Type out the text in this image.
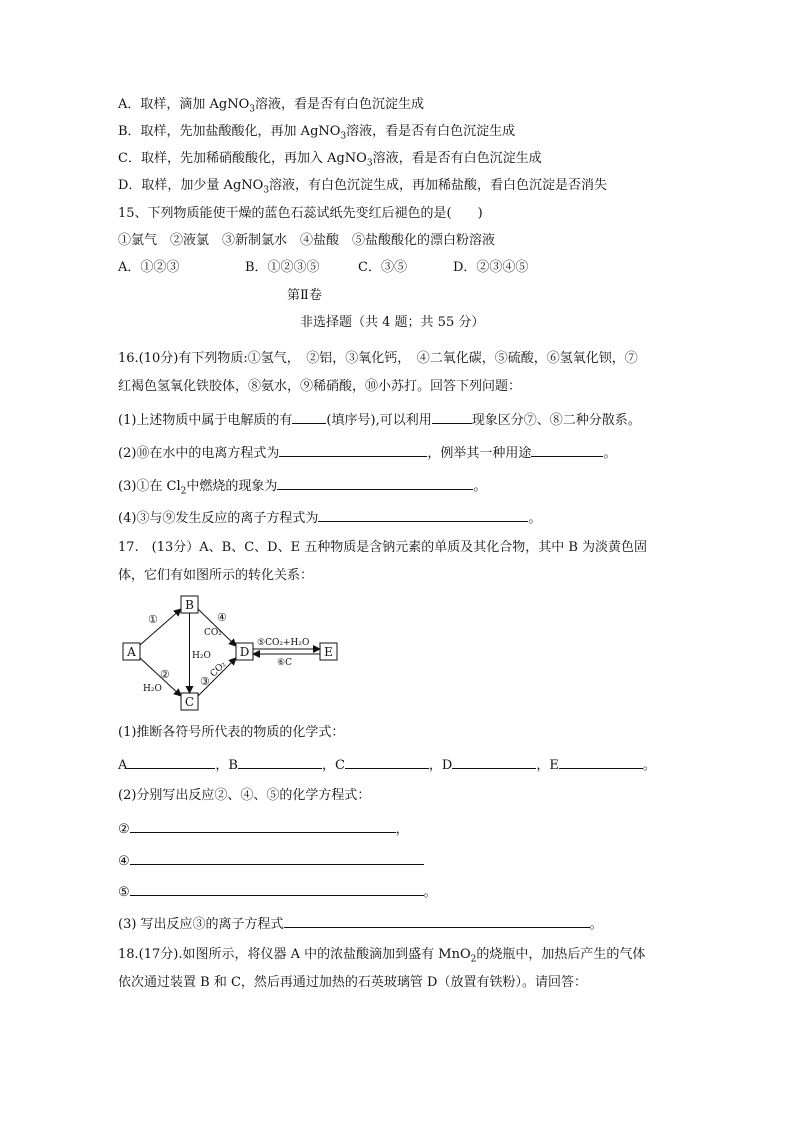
A．取样，滴加 AgNO$_3$溶液，看是否有白色沉淀生成
B．取样，先加盐酸酸化，再加 AgNO$_3$溶液，看是否有白色沉淀生成
C．取样，先加稀硝酸酸化，再加入 AgNO$_3$溶液，看是否有白色沉淀生成
D．取样，加少量 AgNO$_3$溶液，有白色沉淀生成，再加稀盐酸，看白色沉淀是否消失
15、下列物质能使干燥的蓝色石蕊试纸先变红后褪色的是(　　)
①氯气　②液氯　③新制氯水　④盐酸　⑤盐酸酸化的漂白粉溶液
A．①②③	B．①②③⑤	C．③⑤	D．②③④⑤
第Ⅱ卷
非选择题（共 4 题；共 55 分）
16.(10分)有下列物质:①氢气，　②铝，③氧化钙，　④二氧化碳，⑤硫酸，⑥氢氧化钡，⑦
红褐色氢氧化铁胶体，⑧氨水，⑨稀硝酸，⑩小苏打。回答下列问题：
(1)上述物质中属于电解质的有	(填序号),可以利用	现象区分⑦、⑧二种分散系。
(2)⑩在水中的电离方程式为	，例举其一种用途	。
(3)①在 $Cl_2$中燃烧的现象为	。
(4)③与⑨发生反应的离子方程式为	。
17.　(13分）A、B、C、D、E 五种物质是含钠元素的单质及其化合物，其中 B 为淡黄色固
体，它们有如图所示的转化关系：
A
B
C
D	E
①
②
H₂O
④
CO₂
H₂O
③
CO₂
⑤CO₂+H₂O
⑥C
(1)推断各符号所代表的物质的化学式：
A	，B	，C	，D	，E	。
(2)分别写出反应②、④、⑤的化学方程式：
②	，
④
⑤	。
(3) 写出反应③的离子方程式	。
18.(17分).如图所示，将仪器 A 中的浓盐酸滴加到盛有 MnO$_2$的烧瓶中，加热后产生的气体
依次通过装置 B 和 C，然后再通过加热的石英玻璃管 D（放置有铁粉）。请回答：
